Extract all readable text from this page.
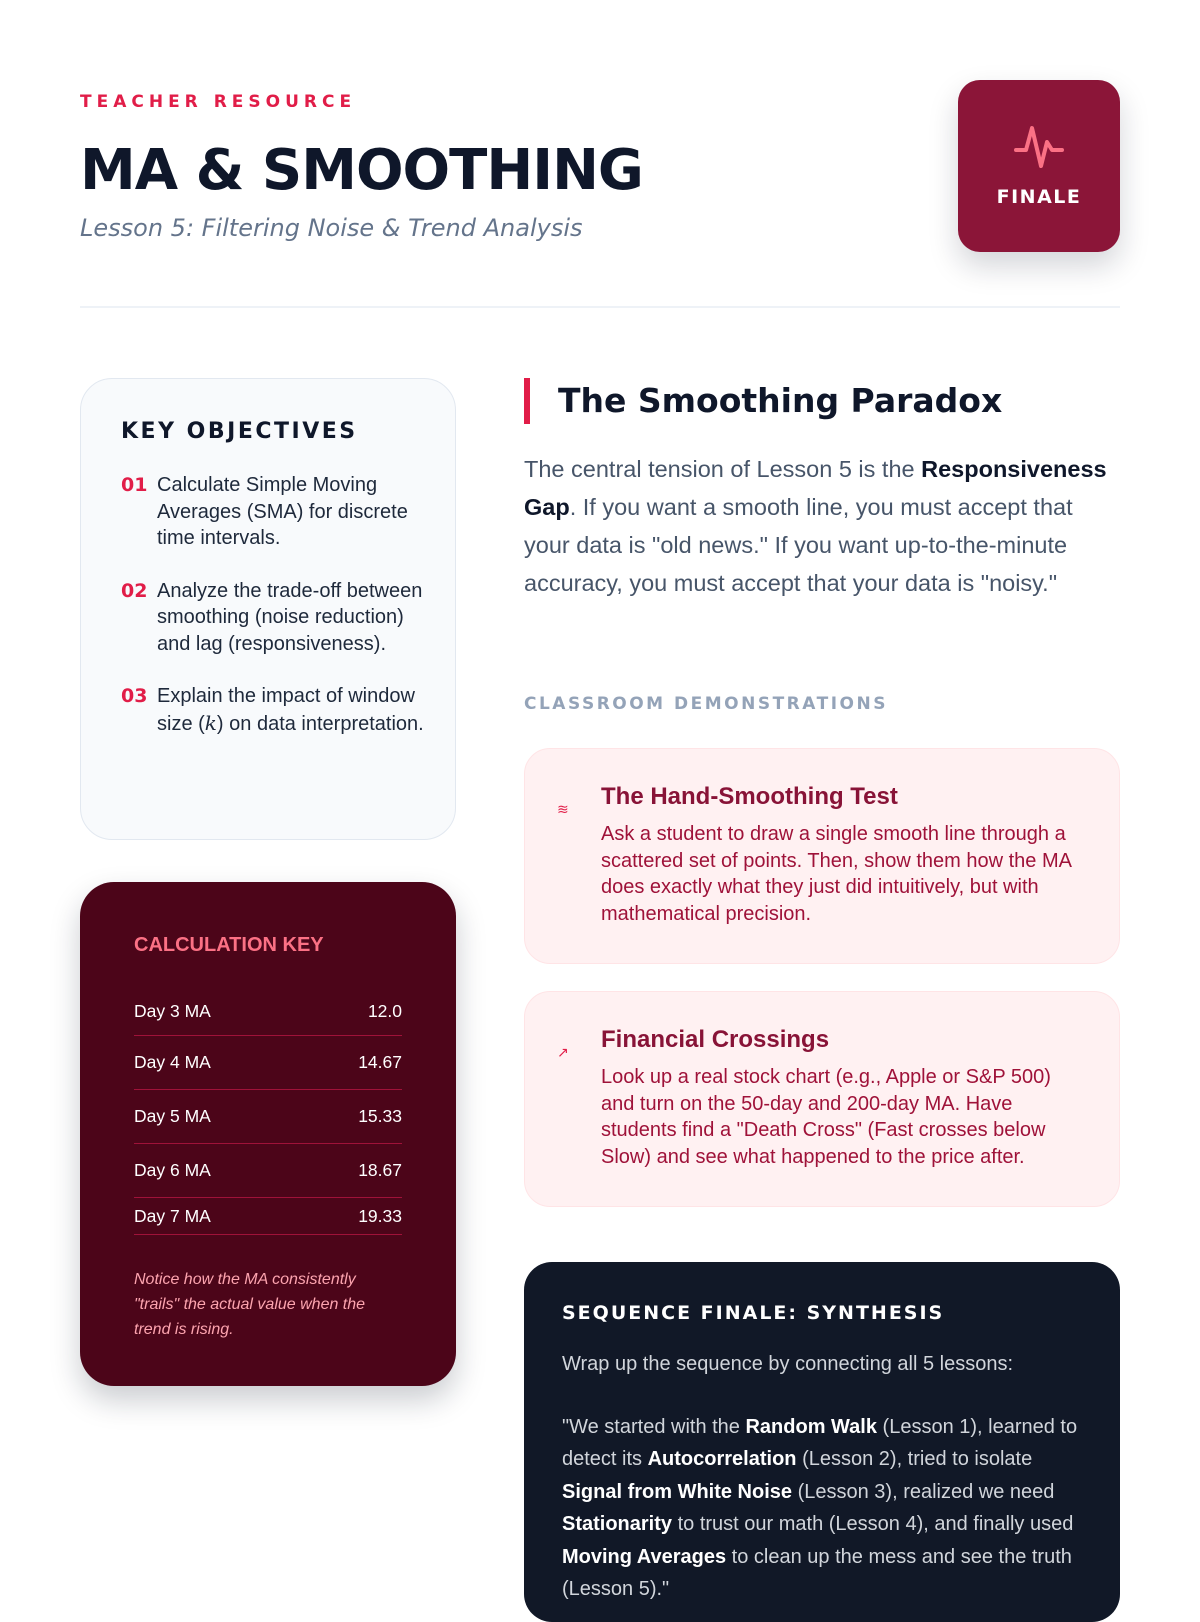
TEACHER RESOURCE

MA & SMOOTHING

Lesson 5: Filtering Noise & Trend Analysis

FINALE
KEY OBJECTIVES
01 Calculate Simple Moving Averages (SMA) for discrete time intervals.
02 Analyze the trade-off between smoothing (noise reduction) and lag (responsiveness).
03 Explain the impact of window size (k) on data interpretation.
CALCULATION KEY
Day 3 MA	12.0
Day 4 MA	14.67
Day 5 MA	15.33
Day 6 MA	18.67
Day 7 MA	19.33
Notice how the MA consistently "trails" the actual value when the trend is rising.
The Smoothing Paradox

The central tension of Lesson 5 is the Responsiveness Gap. If you want a smooth line, you must accept that your data is "old news." If you want up-to-the-minute accuracy, you must accept that your data is "noisy."

CLASSROOM DEMONSTRATIONS

≋ The Hand-Smoothing Test

Ask a student to draw a single smooth line through a scattered set of points. Then, show them how the MA does exactly what they just did intuitively, but with mathematical precision.

↗ Financial Crossings

Look up a real stock chart (e.g., Apple or S&P 500) and turn on the 50-day and 200-day MA. Have students find a "Death Cross" (Fast crosses below Slow) and see what happened to the price after.

SEQUENCE FINALE: SYNTHESIS

Wrap up the sequence by connecting all 5 lessons:

"We started with the Random Walk (Lesson 1), learned to detect its Autocorrelation (Lesson 2), tried to isolate Signal from White Noise (Lesson 3), realized we need Stationarity to trust our math (Lesson 4), and finally used Moving Averages to clean up the mess and see the truth (Lesson 5)."
